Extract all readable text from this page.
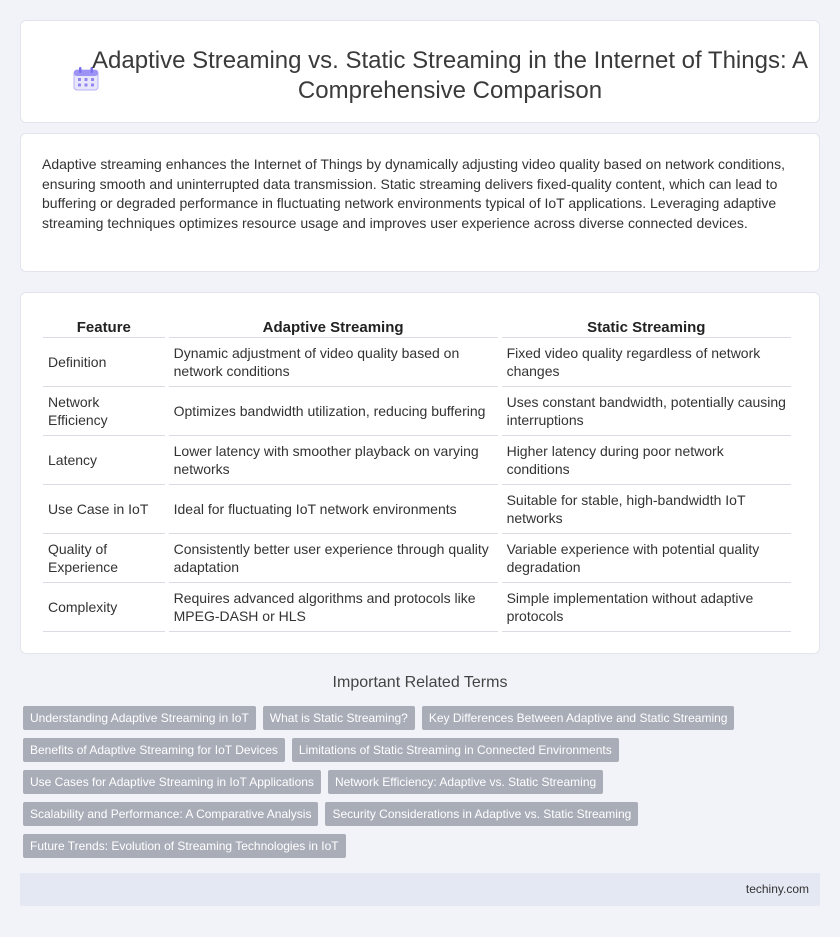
Adaptive Streaming vs. Static Streaming in the Internet of Things: A Comprehensive Comparison

Adaptive streaming enhances the Internet of Things by dynamically adjusting video quality based on network conditions, ensuring smooth and uninterrupted data transmission. Static streaming delivers fixed-quality content, which can lead to buffering or degraded performance in fluctuating network environments typical of IoT applications. Leveraging adaptive streaming techniques optimizes resource usage and improves user experience across diverse connected devices.

Feature	Adaptive Streaming	Static Streaming
Definition	Dynamic adjustment of video quality based on network conditions	Fixed video quality regardless of network changes
Network Efficiency	Optimizes bandwidth utilization, reducing buffering	Uses constant bandwidth, potentially causing interruptions
Latency	Lower latency with smoother playback on varying networks	Higher latency during poor network conditions
Use Case in IoT	Ideal for fluctuating IoT network environments	Suitable for stable, high-bandwidth IoT networks
Quality of Experience	Consistently better user experience through quality adaptation	Variable experience with potential quality degradation
Complexity	Requires advanced algorithms and protocols like MPEG-DASH or HLS	Simple implementation without adaptive protocols
Important Related Terms
Understanding Adaptive Streaming in IoT	What is Static Streaming?	Key Differences Between Adaptive and Static Streaming
Benefits of Adaptive Streaming for IoT Devices	Limitations of Static Streaming in Connected Environments
Use Cases for Adaptive Streaming in IoT Applications	Network Efficiency: Adaptive vs. Static Streaming
Scalability and Performance: A Comparative Analysis	Security Considerations in Adaptive vs. Static Streaming
Future Trends: Evolution of Streaming Technologies in IoT
techiny.com
